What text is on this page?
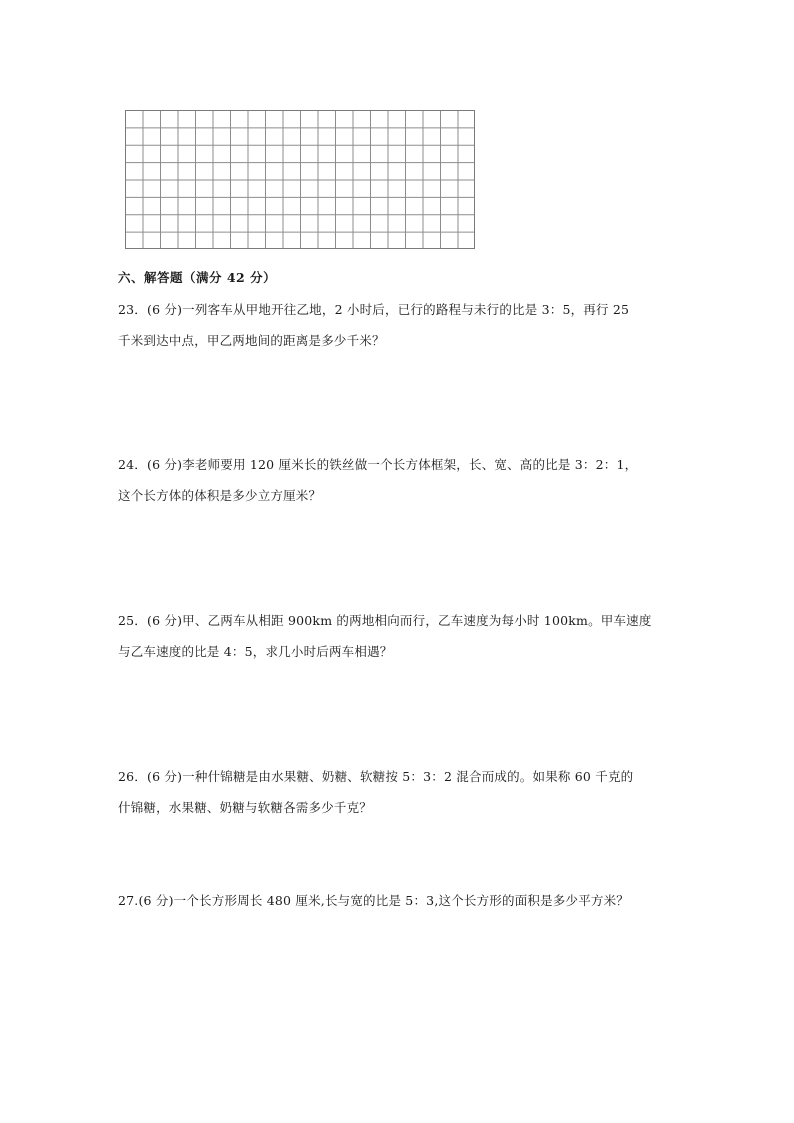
六、解答题（满分 42 分）
23．(6 分)一列客车从甲地开往乙地，2 小时后，已行的路程与未行的比是 3：5，再行 25
千米到达中点，甲乙两地间的距离是多少千米？
24．(6 分)李老师要用 120 厘米长的铁丝做一个长方体框架，长、宽、高的比是 3：2：1，
这个长方体的体积是多少立方厘米？
25．(6 分)甲、乙两车从相距 900km 的两地相向而行，乙车速度为每小时 100km。甲车速度
与乙车速度的比是 4：5，求几小时后两车相遇？
26．(6 分)一种什锦糖是由水果糖、奶糖、软糖按 5：3：2 混合而成的。如果称 60 千克的
什锦糖，水果糖、奶糖与软糖各需多少千克？
27.(6 分)一个长方形周长 480 厘米,长与宽的比是 5：3,这个长方形的面积是多少平方米？
